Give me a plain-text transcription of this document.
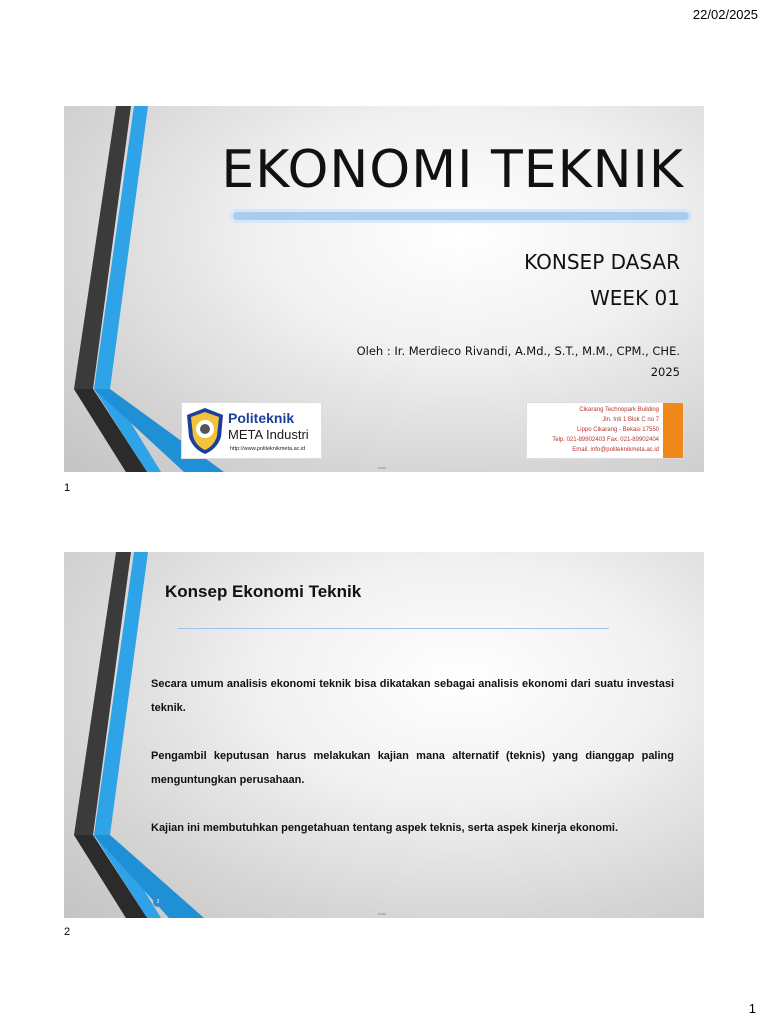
22/02/2025
EKONOMI TEKNIK
KONSEP DASAR
WEEK 01
Oleh : Ir. Merdieco Rivandi, A.Md., S.T., M.M., CPM., CHE.
2025
Politeknik
META Industri
http://www.politeknikmeta.ac.id
Cikarang Technopark Building
Jln. Inti 1 Blok C no 7
Lippo Cikarang - Bekasi 17550
Telp. 021-89902403 Fax. 021-89902404
Email. info@politeknikmeta.ac.id
Public
1
Konsep Ekonomi Teknik
Secara umum analisis ekonomi teknik bisa dikatakan sebagai analisis ekonomi dari suatu investasi teknik.
Pengambil keputusan harus melakukan kajian mana alternatif (teknis) yang dianggap paling menguntungkan perusahaan.
Kajian ini membutuhkan pengetahuan tentang aspek teknis, serta aspek kinerja ekonomi.
2
Public
2
1
